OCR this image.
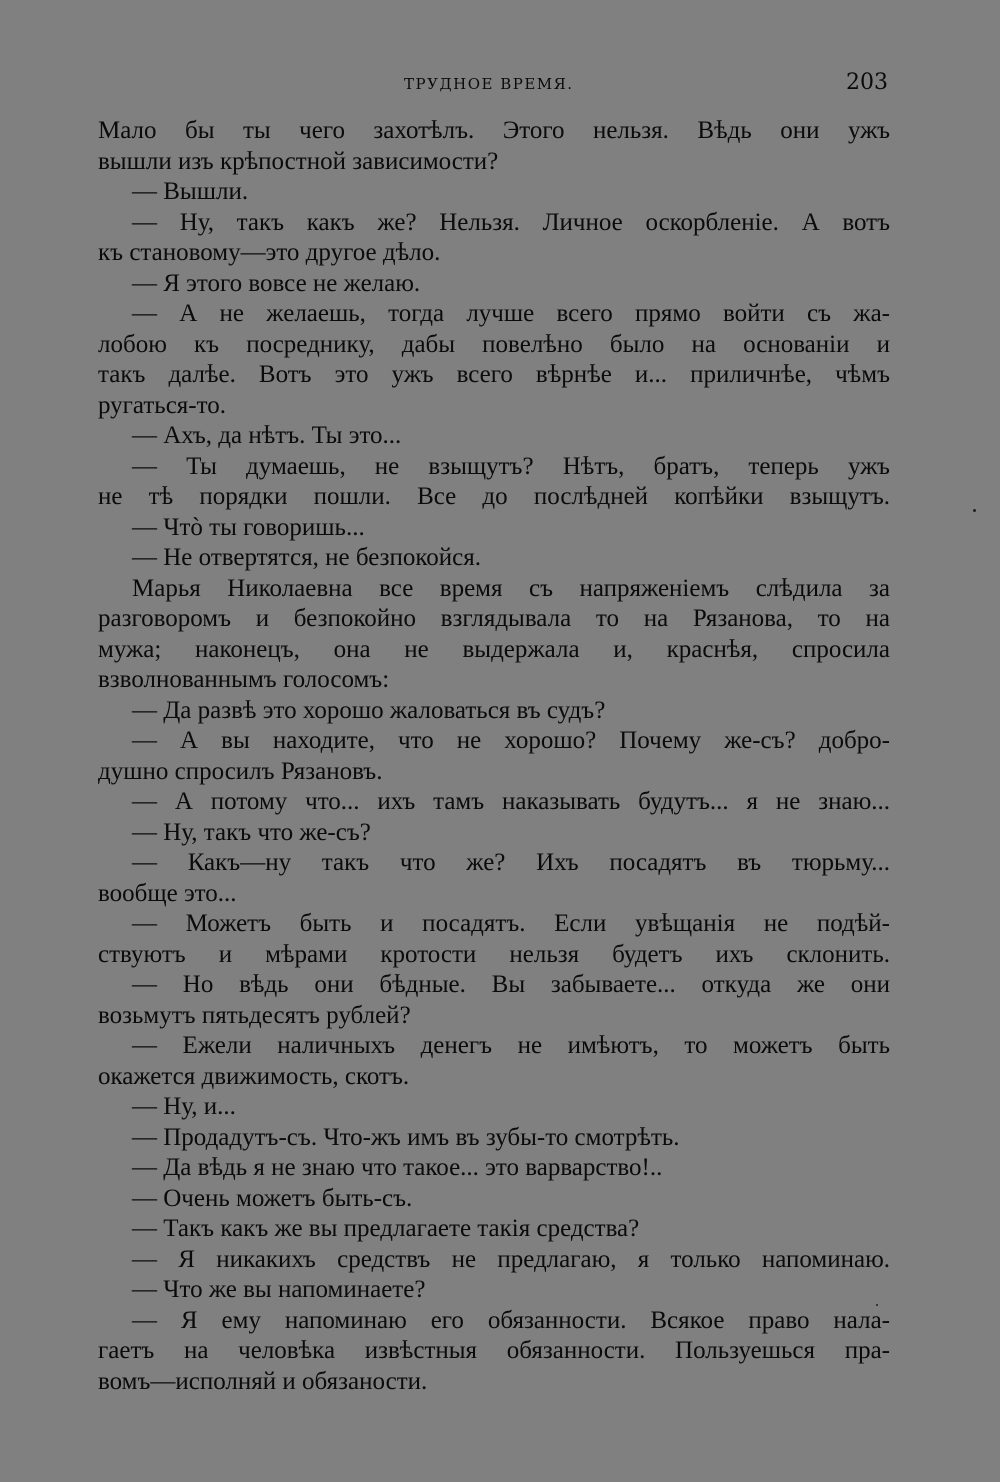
ТРУДНОЕ ВРЕМЯ.	203
Мало бы ты чего захотѣлъ. Этого нельзя. Вѣдь они ужъ
вышли изъ крѣпостной зависимости?
— Вышли.
— Ну, такъ какъ же? Нельзя. Личное оскорбленіе. А вотъ
къ становому—это другое дѣло.
— Я этого вовсе не желаю.
— А не желаешь, тогда лучше всего прямо войти съ жа-
лобою къ посреднику, дабы повелѣно было на основаніи и
такъ далѣе. Вотъ это ужъ всего вѣрнѣе и... приличнѣе, чѣмъ
ругаться-то.
— Ахъ, да нѣтъ. Ты это...
— Ты думаешь, не взыщутъ? Нѣтъ, братъ, теперь ужъ
не тѣ порядки пошли. Все до послѣдней копѣйки взыщутъ.
— Чтò ты говоришь...
— Не отвертятся, не безпокойся.
Марья Николаевна все время съ напряженіемъ слѣдила за
разговоромъ и безпокойно взглядывала то на Рязанова, то на
мужа; наконецъ, она не выдержала и, краснѣя, спросила
взволнованнымъ голосомъ:
— Да развѣ это хорошо жаловаться въ судъ?
— А вы находите, что не хорошо? Почему же-съ? добро-
душно спросилъ Рязановъ.
— А потому что... ихъ тамъ наказывать будутъ... я не знаю...
— Ну, такъ что же-съ?
— Какъ—ну такъ что же? Ихъ посадятъ въ тюрьму...
вообще это...
— Можетъ быть и посадятъ. Если увѣщанія не подѣй-
ствуютъ и мѣрами кротости нельзя будетъ ихъ склонить.
— Но вѣдь они бѣдные. Вы забываете... откуда же они
возьмутъ пятьдесятъ рублей?
— Ежели наличныхъ денегъ не имѣютъ, то можетъ быть
окажется движимость, скотъ.
— Ну, и...
— Продадутъ-съ. Что-жъ имъ въ зубы-то смотрѣть.
— Да вѣдь я не знаю что такое... это варварство!..
— Очень можетъ быть-съ.
— Такъ какъ же вы предлагаете такія средства?
— Я никакихъ средствъ не предлагаю, я только напоминаю.
— Что же вы напоминаете?
— Я ему напоминаю его обязанности. Всякое право нала-
гаетъ на человѣка извѣстныя обязанности. Пользуешься пра-
вомъ—исполняй и обязаности.
